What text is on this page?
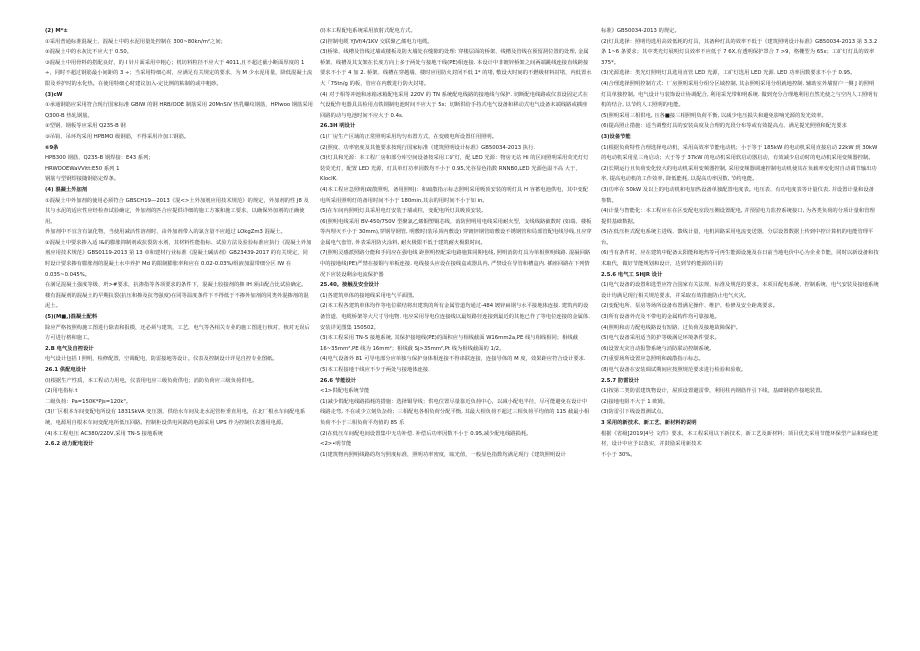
(2) M*±

①采用普通标准混凝土，混凝土中的水泥用量处控制在 300~80kn/m²之间；

②混凝土中的水灰比不应大于 0.50。

③混凝土中用骨料的搭配良好，的 I 针片面采用中粗心；机坊料粒径不应大于 4011,且不超过截小断面厚度的 1 ÷，同时不超过钢筋最小间距的 3 ÷；当采用特细心时，应满足有关规定的要求，为 M 少水泥用量，降低混凝土流限及养护时的水化热。在使用特细心时建议加入-定比例的粘制的或中粗砂。

(3)cW

①承通钢筋应采用符合现行国家标准 GBIW 的钢 HRB/OOE 制筋采用 20MnSiV 热乳螺纹钢筋，HPlwoo 钢筋采用 Q300-B 热轧钢筋。

②型钢、钢板等应采用 Q235-B 钢

③吊钩、吊环均采用 HPBMO 级钢筋，不得采用冷加工钢筋。

⑥9条

HPB300 钢筋、Q235-B 钢焊接：E43 系列；

HRWOOEWaVVitt:E50 系列 1

钢筋与型钢焊接随钢筋定焊条。

(4) 混凝土外加剂

①混凝土中外加剂的使用必须符合 GBSCH19—2013《混<>土外加剂应用技术规范》的规定，外加剂的性 J8 及其与水泥的适应性应经检查试验确定，外加剂的匹合应提供详细的施工方案和施工要求，以确保外加剂的正确使用。

外加剂中不宜含有氯化物，当使用减活性溶剂时，由外加剂带入的氯含量不应超过 LOkgZm3 混凝土。

②混凝土中要求掺入适 I&的膨胀抑制剂或抗裂防水剂，其材料性能指标、试验方法及验验标准应执行《混凝土外加剂应用技术规范》GBS0119-2013 第 13 章和建材行业标准《混凝土碱活剂》GB23439-2017 的有关规定，同时设计要求掺有膨胀剂的混凝土水中养护 Md 的限制膨胀率和应在 0.02-0.03%/组液加温带细分区 IW 在 0.035~0.045%。

在满足混凝土强度等级、坍>#要求，抗渗指等各项要求的条件下，混凝土胶接剂的掺 IH 须由配合比试验确定。

楼有混凝剂的混凝土的早期抗裂(抗压和掺及抗弯强度)在同等温度条件下不得低于不掺外加剂的同类外混掺剂的混泥土。

(5)(M■,)混凝土配料

除应严格按照构施工图进行除表和报模，还必须与建筑，工艺，电气等各相关专业的施工图进行核对，核对无误后方可进行格和施工。

2.B 电气及自控设计

电气设计包括 I 照明，检修配置，空调配电，防雷接地等设计。仪表及控制设计详见自控专业图纸。

26.1 供配电设计

(l)根据生产性质，本工程动力用电，仪表用电应三级负荷供电；消防负荷应三级负荷供电。

(2)用电指标 t

二级负荷：Pa=150K*Pjs=120k"。

(3)厂区根本车间变配电所设有 1831SkVA 变压器，供给水车间及北水泥管柜垂直用电，在北厂根水车间配电系统，电源用自根本车间变配电所低压回路。控制柜设供电回路的电源采用 UPS 作为控制仪表器用电源。

(4)本工程电压 AC380/220V,采用 TN-S 接地系统

2.6.2 动力配电设计

(I)本工程配电系统采用放射式配电方式。

(2)控制电缆 YJVf/4/1KV 交联聚乙烯电力电缆。

(3)桥梁、线槽及管线过墙或楼板及防火墙处在缝隙的处理: 穿楼层面的桥架、线槽及管线在预留洞位置的处理, 金属桥架、线槽及其支架在长度方向上多于两处与接地干线(PE)相连接. 本设计中非镀锌桥架之间两端跳线连接直线跨接要求不小于 4 加 2. 桥架、线槽在穿越墙、楼时应用防火封闭不低 1* 的堵, 敷设火时间的不燃级材料封堵，内低置水大「75tn/g 的板，管应在内敷进行防火封堵。

(4) 对于相等冲池和冰箱冰箱配电采用 220V 的 TN 系统配电线路的接地线与保护. 切断配电线路或仪表设固定式在气设配作电器具具检用点铁钢制电池时间不应大于 5s；切断供给手持式电气设备和移动式电气设备末端线路或插座回路的动与电池时间不应大于 0.4s.

26.3H 明设计

(1)厂房生产区域的正常照明采用均匀布置方式，在变破电所设置任用照明。

(2)照度、功率密度及其他要求按现行国家标准《建筑照明设计标准》GB50034-2013 执行.

(3)灯具和光源：本工程厂房和部分库空间设备按采用工矿灯，配 LEO 光源：物房无站 Hi 的区间照明采用荧光灯灯装荧光灯，配置 LED 光源，灯具单灯功率因数均不小于 0.95,光谷显色指数 RNNB0,LED 光源色温不高 大于，KlocIK.

(4)本工程应急照明(疏散照明，备用照明)：和疏散指示标志照明采用吸顶安装的明灯具 H 容蓄电池供电，其中变配电所采用照明灯的备用时间不小于 180min,其余的用时间不小于如 in。

(5)在车间内照明灯具采用电灯安装于墙或柱，变配电所灯具吸顶安装。

(6)照明电线采用 BV-450/750V 型聚氯乙烯铜塑铜芯线，消防照明用电线采用耐火型，支线线路截数时 (如端、楼板等内埋灭不小于 30mm),穿钢导钢管, 明敷时(装吊顶内敷设) 穿镀锌钢管暗敷设不锈钢管和局部管配电线导线,且应穿金属电气套管, 外表采用防火涂料, 耐火极限不低于建筑耐火极限时间。

(7)照明灵感派照路分能和手同应在强电线 距照明控配采电路施算同期电线, 照明消防灯具为单相照明线路. 混凝回路中的接地线(PE)严禁在接铜与单板连接. 电线接头应设在接线盒或器具内, 严禁设在导管和槽盒内. 插座回路在下列情况下应装设剩余电流保护器

25.40。接触及安全设计

(1)各建筑单体的接地线采用电气平面图。

(2)本工程各建筑单体均作等电位联结将出建筑的所有金属管道均通过-484 镀锌扁钢与水平接地体连接. 建筑内的设备管道、电缆桥架等大尺寸导电物. 电应采用导电位连接线以最短路径连接到最近的其他已作了等电位连接的金属体. 安装详见图集 150502。

(3)本工程采用 TN-S 接地系统, 其保护接地线(PE)的面积应与相线截面 W16mm2a,PE 线与相线相同；相线截 16~35mm²,PE 线为 16mm²；相线截 Sj>35mm²,Pt 线为相线截面的 1/2。

(4)电气设备外 81 可导电部分应单独与保护身体相连接不得串联连接，连接导体的 M 度，效果距应符合设计要求.

(5)本工程接地干线应不少于两处与接地体连接.

26.6 节能设计

<1>供配电系统节能

(1)减少供配电线路损耗的措施：选择铜导线；供电位置尽量靠近负荷中心，以减小配电半径，尽可能避免在设计中线路走弯, 不在或少立刻负杂荷；三相配电各相负荷分配平衡, 其最大相负荷不超过三相负荷平均值的 115 截最小相负荷不小于三相负荷平均值的 85 乐

(2)在低压车间配电间设置集中无功补偿. 补偿后功率因数不小于 0.95,减少配电线路损耗。

<2>•明节能

(1)建筑物内照明线路的均匀照度标准，照明功率密度，眩光值，一般显色指数均满足现行《建筑照明设计

标准》GB50034-2013 的规定。

(2)灯具选择：照明均选用高效低耗的灯具，其备种灯具的效率不低于《建筑照明设计标准》GB50034-2013 第 3.3.2 条 1~6 条要求；其中类光灯展明灯具效率不应低于 7 6X,有透明保护罩合 7 >9，格栅型为 65x；工矿灯灯具的效率 375*。

(3)光源选择：类光灯照明灯具选用直管 LED 光源，工矿灯选用 LED 光源. LED 功率因数要求不小于 0.95。

(4)合理选择照明控制方式：厂房照明采用分组分区域控制, 其余照明采用分组就地控制. 辅助室外墙窗户一侧 J 的照明灯具单独控制。电气设计与装饰设计协调配合, 利用采光带和明系统. 做到充分合理地利用自然光使之与空内人工照明有机的结合, 以节约人工照明的电能。

(5)照明采用三相供电, 且各■接三相照明负荷平衡, 以减少电压损失和避免影响光源的发光效率。

(6)提高照止措施：适当调整灯具的安装高度及合理的光段分布等或有效提高点、满足提光照照和配光要求

(3)设备节能

(1)根据负荷特性合理选择电动机，采用高效率节能电动机；小于等于 185kW 的电动机采用直接启动 22kW 到 30kW 的电动机采用星三角启动；大于等于 37kW 的电动机采用软启动器启动，有效减少启动时的电动机采用变频器控制。

(2)长期运行且负荷变化较大的电动机采用变频器控制, 采用变频器调速控制电动机使其在负载率变化时自动调节输出功率, 提高电动机的工作效率, 降低能耗, 以提高功率因数, 节约电能。

(3)功率在 50kW 及以上的电动机和电加热设备单独配置电度表。电压表、有功电度表等计量仪表, 并设置计量和设备参数。

(4)计量与智能化：本工程应在在区变配电室段压侧设置配电, 并预留电力监控系统接口, 为各类负荷的分项计量和管理提供基础数据。

(5)在低压柜式配电系统主进线、馈线计量，电机回路采用电流变送器，分层设置数据上传到中控计算机的电能管理平台。

(6)当有条件时，应在建筑中配备太阳能和地热等可再生能源设施及在日前当地电价中心为企业节能，同时以新设备和技术取代，做好节能规划和设计，达到节约能源的目的

2.5.6 电气工 SHJR 设计

(1)电气设备的设置和选型应符合国家有关法规、标准及规范的要求。本项目配电系统、控制系统、电气安装及接地系统设计均满足现行相关规范要求，并采取有效措施防止电气火灾。

(2)变配电所、泵房等场所设备布置满足操作、维护、检修及安全距离要求。

(3)所有设备外壳及不带电的金属构件均可靠接地。

(4)照明和动力配电线路设有短路、过负荷及接地故障保护。

(5)电气设备采用适当防护等级满足环境条件要求。

(6)设置火灾自动报警系统与消防联动控制系统。

(7)重要场所设置应急照明和疏散指示标志。

(8)电气设备在安装调试期间应按照规范要求进行检验和验收。

2.5.7 防雷设计

(1)按第二类防雷建筑物设计，屋顶设置避雷带，利用柱内钢筋作引下线，基础钢筋作接地装置。

(2)接地电阻不大于 1 欧姆。

(3)防雷引下线设置测试点。

3 采用的新技术、新工艺、新材料的说明

根据《省级[2019]4号 文件》要求，本工程采用以下新技术、新工艺及新材料；项目优先采用节能环保型产品和绿色建材，设计中应予以落实，并鼓励采用新技术

不小于 30%。
